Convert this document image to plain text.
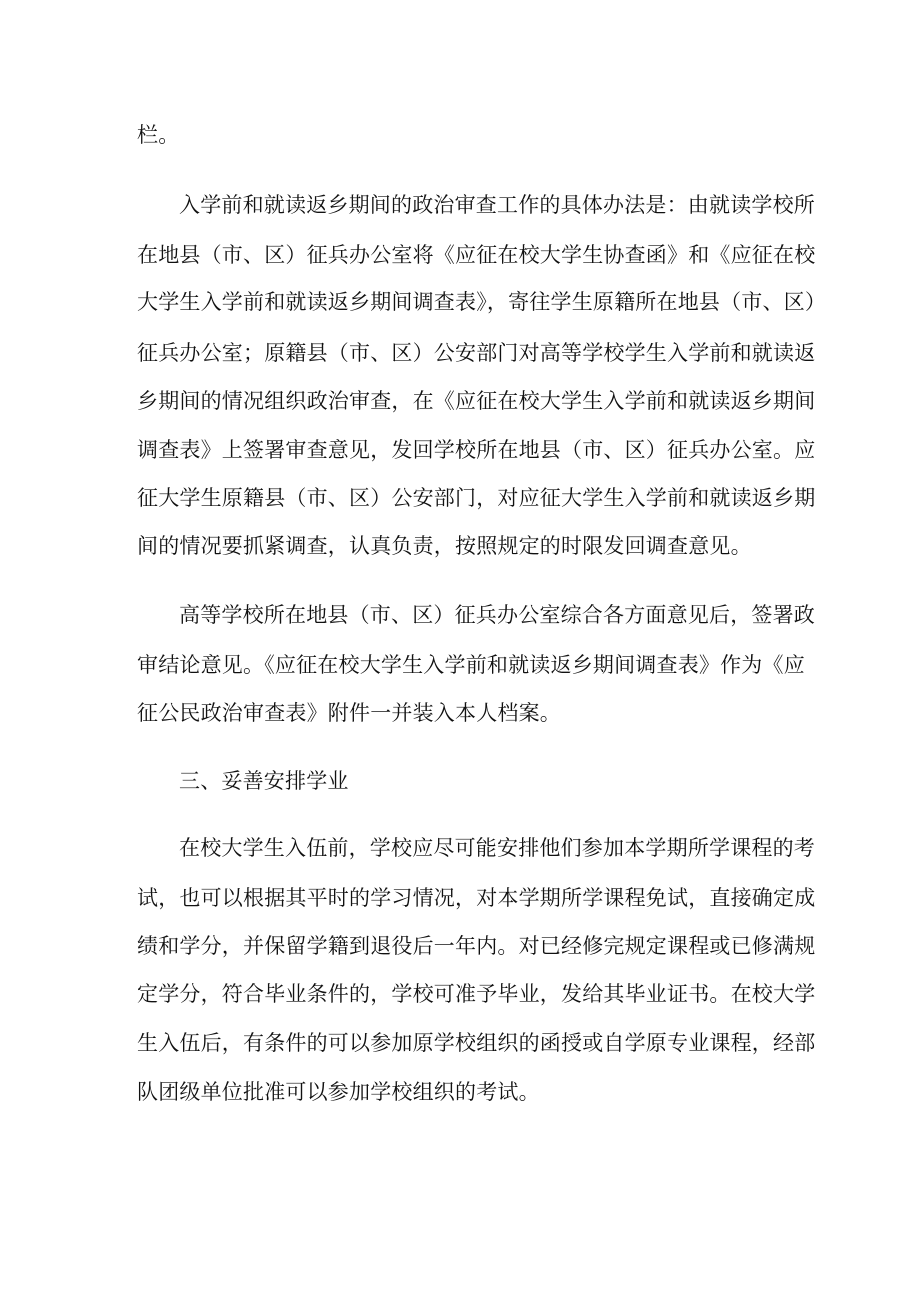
栏。
入学前和就读返乡期间的政治审查工作的具体办法是：由就读学校所
在地县（市、区）征兵办公室将《应征在校大学生协查函》和《应征在校
大学生入学前和就读返乡期间调查表》，寄往学生原籍所在地县（市、区）
征兵办公室；原籍县（市、区）公安部门对高等学校学生入学前和就读返
乡期间的情况组织政治审查，在《应征在校大学生入学前和就读返乡期间
调查表》上签署审查意见，发回学校所在地县（市、区）征兵办公室。应
征大学生原籍县（市、区）公安部门，对应征大学生入学前和就读返乡期
间的情况要抓紧调查，认真负责，按照规定的时限发回调查意见。
高等学校所在地县（市、区）征兵办公室综合各方面意见后，签署政
审结论意见。《应征在校大学生入学前和就读返乡期间调查表》作为《应
征公民政治审查表》附件一并装入本人档案。
三、妥善安排学业
在校大学生入伍前，学校应尽可能安排他们参加本学期所学课程的考
试，也可以根据其平时的学习情况，对本学期所学课程免试，直接确定成
绩和学分，并保留学籍到退役后一年内。对已经修完规定课程或已修满规
定学分，符合毕业条件的，学校可准予毕业，发给其毕业证书。在校大学
生入伍后，有条件的可以参加原学校组织的函授或自学原专业课程，经部
队团级单位批准可以参加学校组织的考试。
